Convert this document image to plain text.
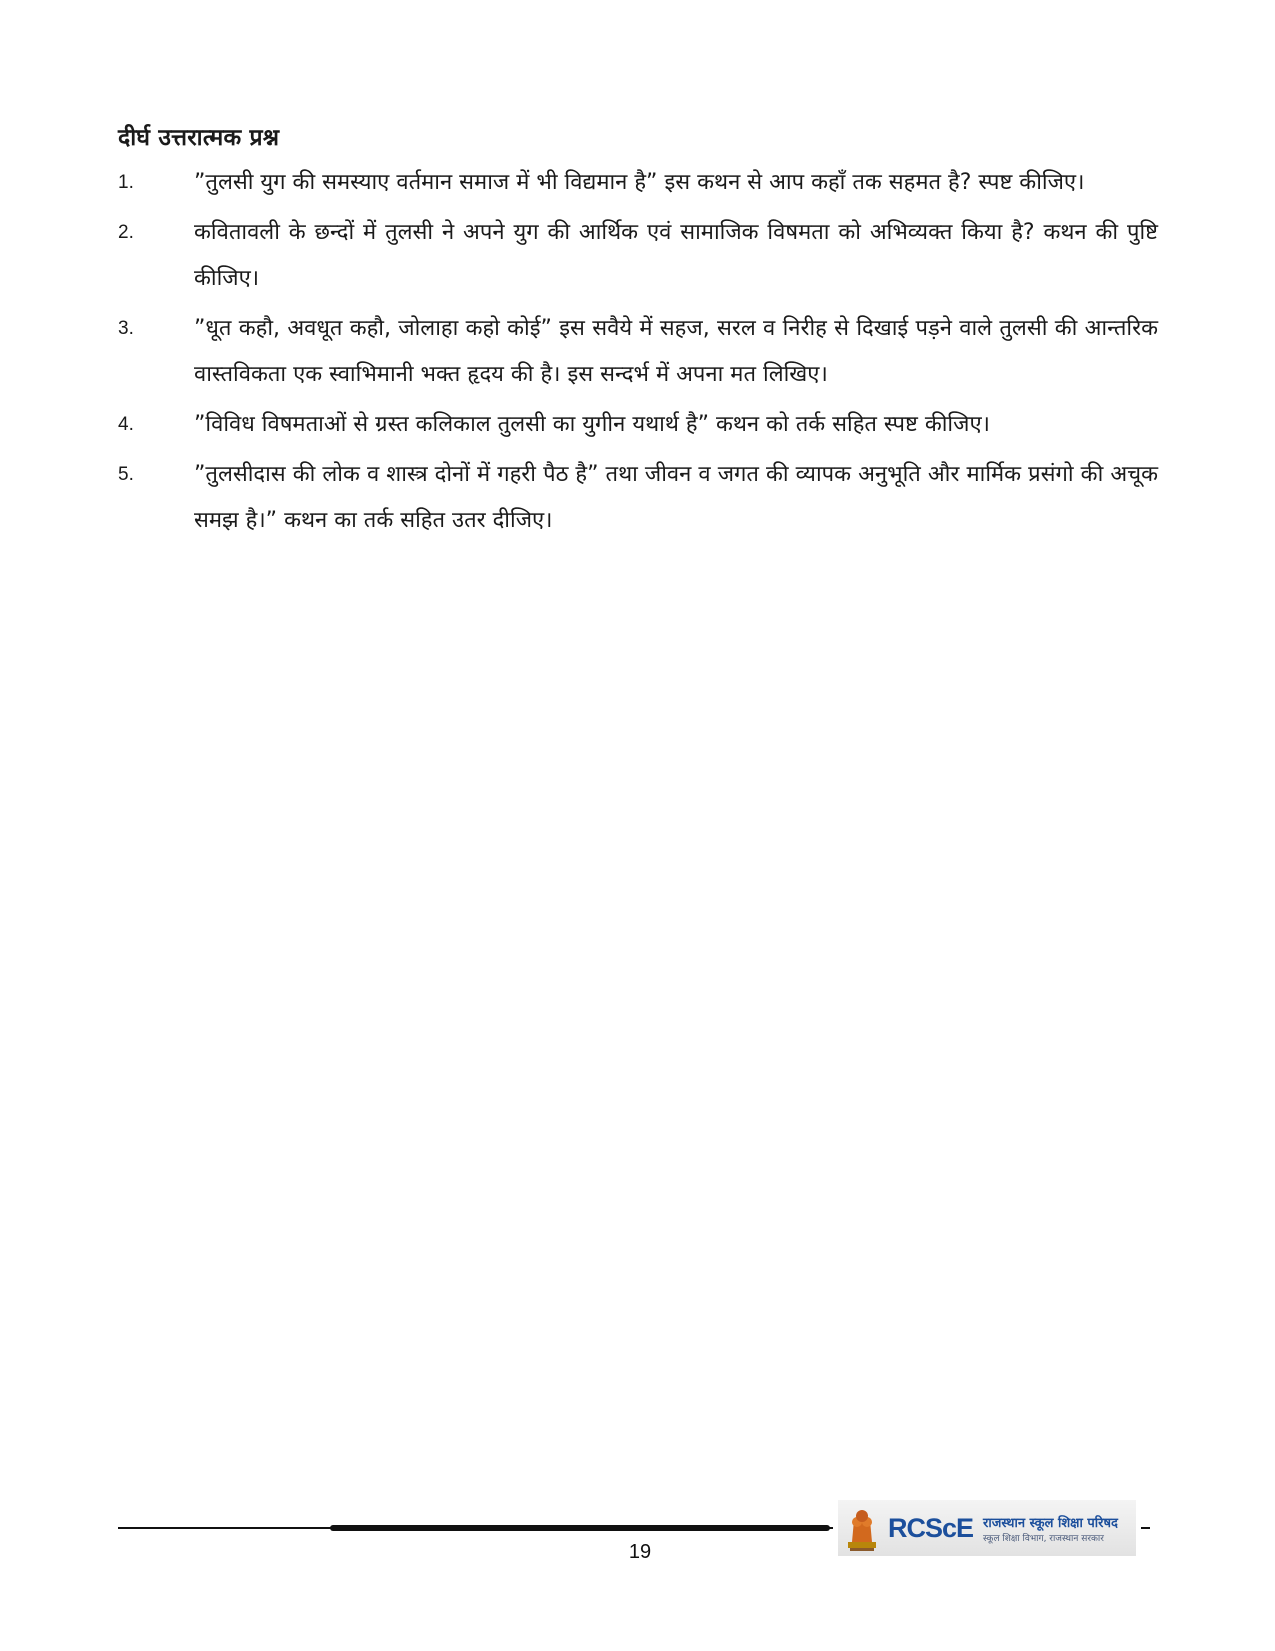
दीर्घ उत्तरात्मक प्रश्न
1.	”तुलसी युग की समस्याए वर्तमान समाज में भी विद्यमान है” इस कथन से आप कहाँ तक सहमत है? स्पष्ट कीजिए।
2.	कवितावली के छन्दों में तुलसी ने अपने युग की आर्थिक एवं सामाजिक विषमता को अभिव्यक्त किया है? कथन की पुष्टि कीजिए।
3.	”धूत कहौ, अवधूत कहौ, जोलाहा कहो कोई” इस सवैये में सहज, सरल व निरीह से दिखाई पड़ने वाले तुलसी की आन्तरिक वास्तविकता एक स्वाभिमानी भक्त हृदय की है। इस सन्दर्भ में अपना मत लिखिए।
4.	”विविध विषमताओं से ग्रस्त कलिकाल तुलसी का युगीन यथार्थ है” कथन को तर्क सहित स्पष्ट कीजिए।
5.	”तुलसीदास की लोक व शास्त्र दोनों में गहरी पैठ है” तथा जीवन व जगत की व्यापक अनुभूति और मार्मिक प्रसंगो की अचूक समझ है।” कथन का तर्क सहित उतर दीजिए।
19
RCScE राजस्थान स्कूल शिक्षा परिषद
स्कूल शिक्षा विभाग, राजस्थान सरकार
